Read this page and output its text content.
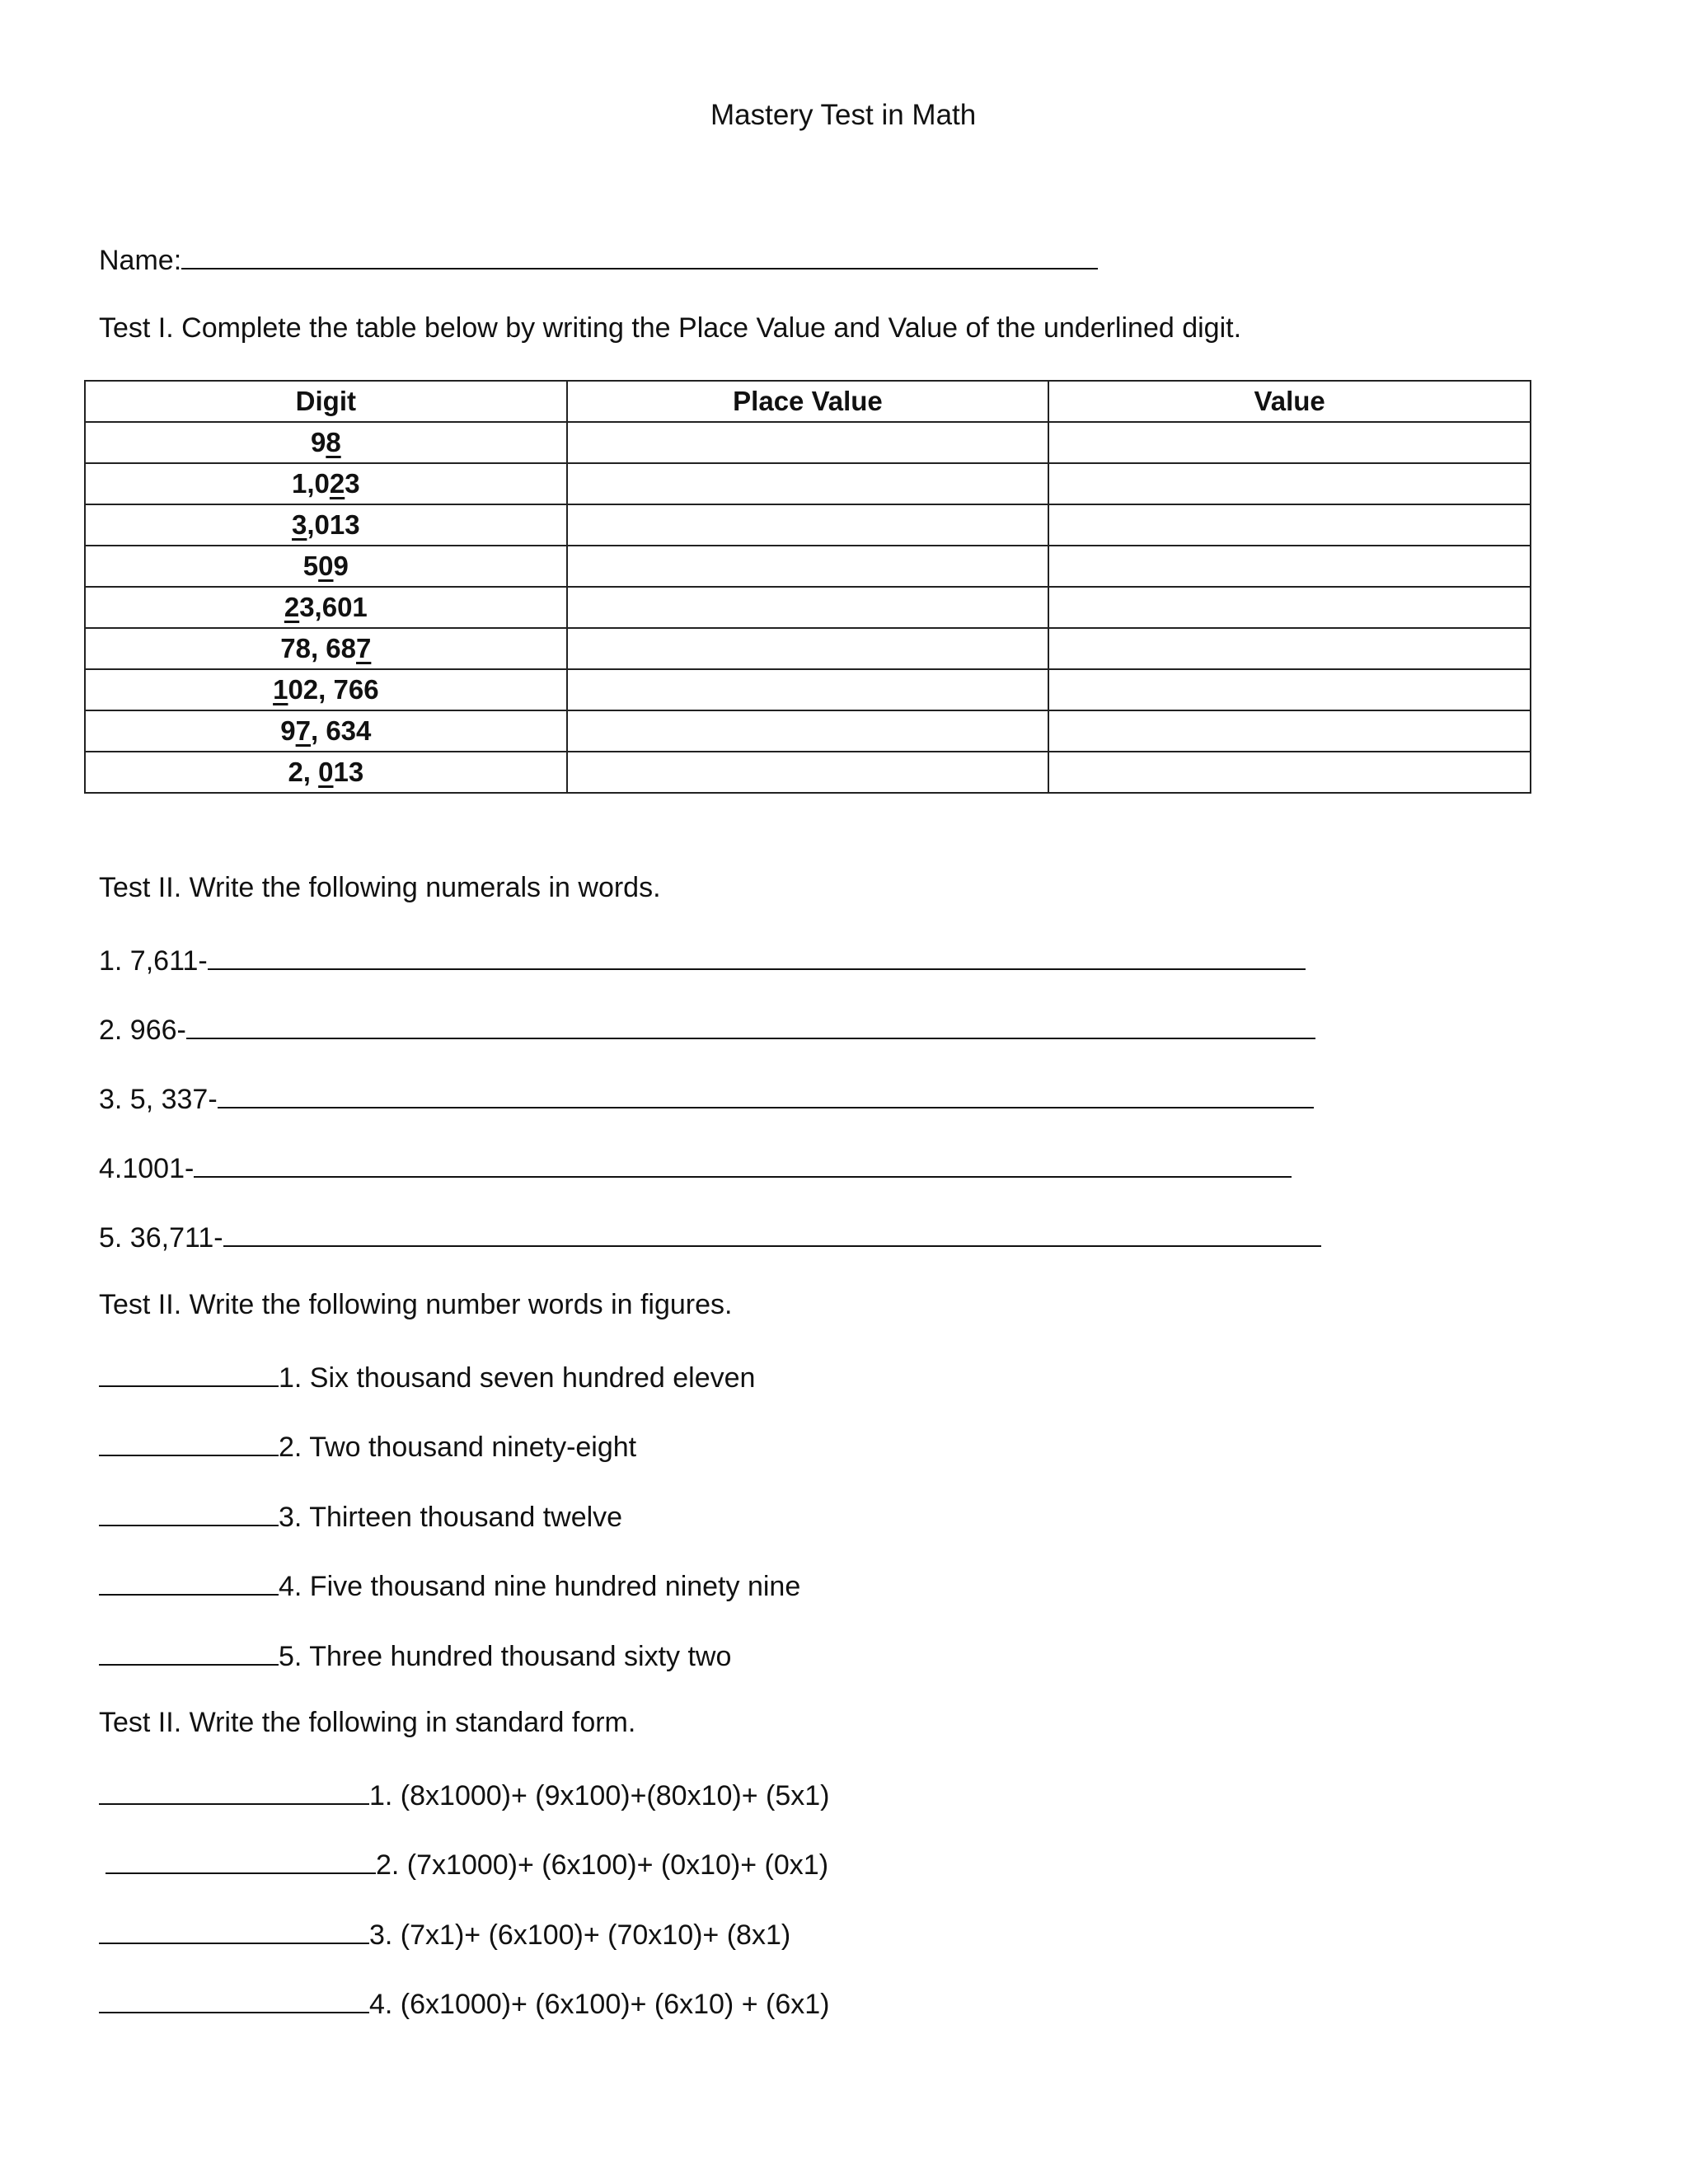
Mastery Test in Math
Name:
Test I. Complete the table below by writing the Place Value and Value of the underlined digit.
Digit	Place Value	Value
98		
1,023		
3,013		
509		
23,601		
78, 687		
102, 766		
97, 634		
2, 013		
Test II. Write the following numerals in words.
1. 7,611-
2. 966-
3. 5, 337-
4.1001-
5. 36,711-
Test II. Write the following number words in figures.
1. Six thousand seven hundred eleven
2. Two thousand ninety-eight
3. Thirteen thousand twelve
4. Five thousand nine hundred ninety nine
5. Three hundred thousand sixty two
Test II. Write the following in standard form.
1. (8x1000)+ (9x100)+(80x10)+ (5x1)
2. (7x1000)+ (6x100)+ (0x10)+ (0x1)
3. (7x1)+ (6x100)+ (70x10)+ (8x1)
4. (6x1000)+ (6x100)+ (6x10) + (6x1)
